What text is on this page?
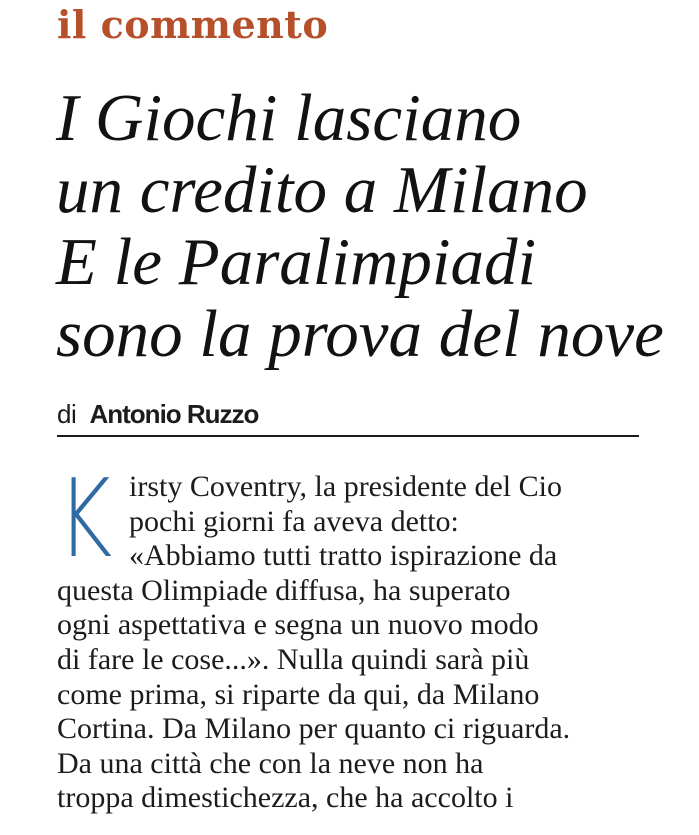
il commento
I Giochi lasciano
un credito a Milano
E le Paralimpiadi
sono la prova del nove
di Antonio Ruzzo
K irsty Coventry, la presidente del Cio
pochi giorni fa aveva detto:
«Abbiamo tutti tratto ispirazione da
questa Olimpiade diffusa, ha superato
ogni aspettativa e segna un nuovo modo
di fare le cose...». Nulla quindi sarà più
come prima, si riparte da qui, da Milano
Cortina. Da Milano per quanto ci riguarda.
Da una città che con la neve non ha
troppa dimestichezza, che ha accolto i
